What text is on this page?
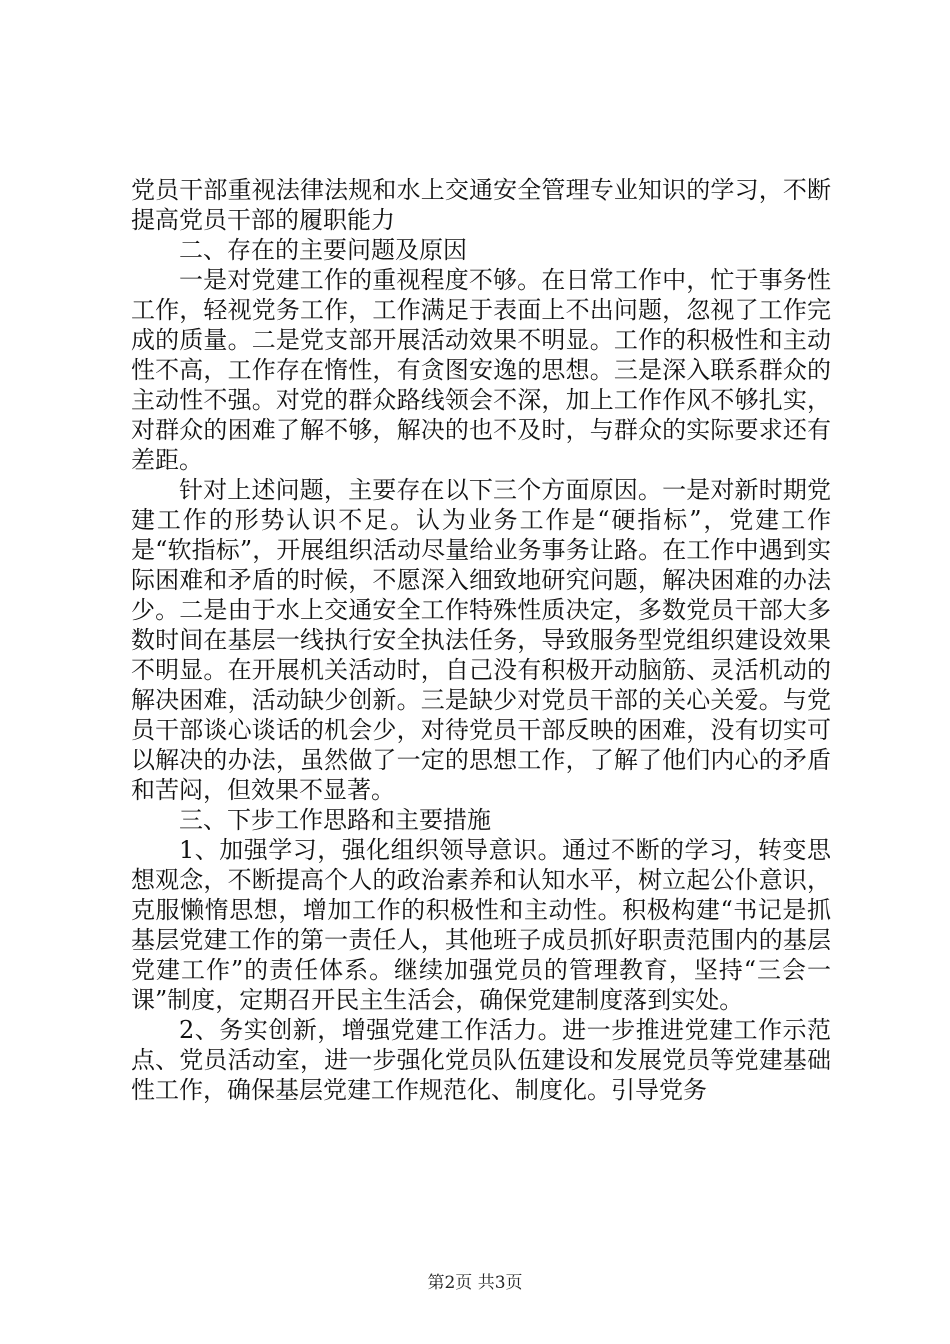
党员干部重视法律法规和水上交通安全管理专业知识的学习，不断提高党员干部的履职能力

二、存在的主要问题及原因

一是对党建工作的重视程度不够。在日常工作中，忙于事务性工作，轻视党务工作，工作满足于表面上不出问题，忽视了工作完成的质量。二是党支部开展活动效果不明显。工作的积极性和主动性不高，工作存在惰性，有贪图安逸的思想。三是深入联系群众的主动性不强。对党的群众路线领会不深，加上工作作风不够扎实，对群众的困难了解不够，解决的也不及时，与群众的实际要求还有差距。

针对上述问题，主要存在以下三个方面原因。一是对新时期党建工作的形势认识不足。认为业务工作是“硬指标”，党建工作是“软指标”，开展组织活动尽量给业务事务让路。在工作中遇到实际困难和矛盾的时候，不愿深入细致地研究问题，解决困难的办法少。二是由于水上交通安全工作特殊性质决定，多数党员干部大多数时间在基层一线执行安全执法任务，导致服务型党组织建设效果不明显。在开展机关活动时，自己没有积极开动脑筋、灵活机动的解决困难，活动缺少创新。三是缺少对党员干部的关心关爱。与党员干部谈心谈话的机会少，对待党员干部反映的困难，没有切实可以解决的办法，虽然做了一定的思想工作，了解了他们内心的矛盾和苦闷，但效果不显著。

三、下步工作思路和主要措施

1、加强学习，强化组织领导意识。通过不断的学习，转变思想观念，不断提高个人的政治素养和认知水平，树立起公仆意识，克服懒惰思想，增加工作的积极性和主动性。积极构建“书记是抓基层党建工作的第一责任人，其他班子成员抓好职责范围内的基层党建工作”的责任体系。继续加强党员的管理教育，坚持“三会一课”制度，定期召开民主生活会，确保党建制度落到实处。

2、务实创新，增强党建工作活力。进一步推进党建工作示范点、党员活动室，进一步强化党员队伍建设和发展党员等党建基础性工作，确保基层党建工作规范化、制度化。引导党务

第2页 共3页
